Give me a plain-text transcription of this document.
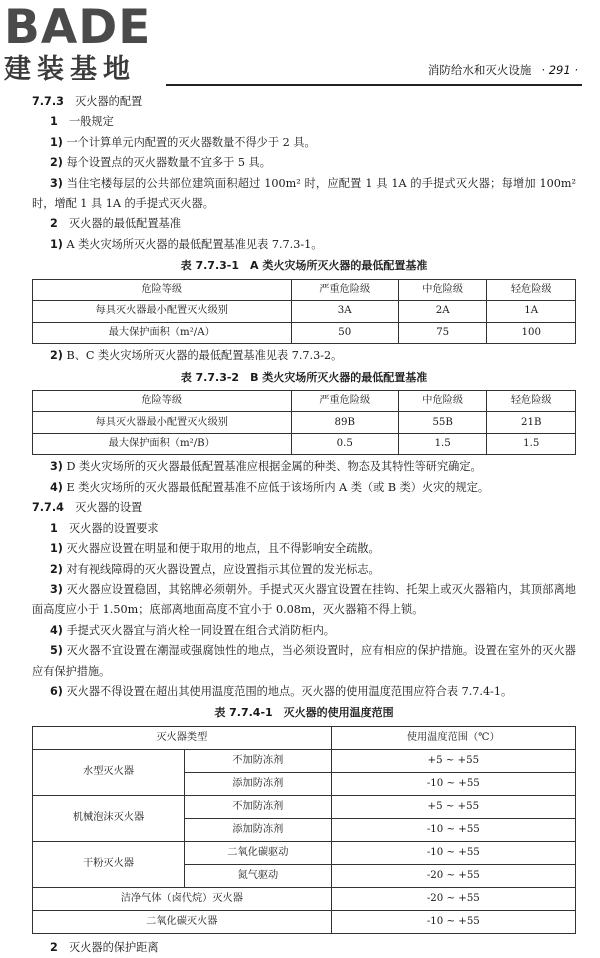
BADE
建装基地	消防给水和灭火设施 · 291 ·

7.7.3　 灭火器的配置

1　 一般规定

1) 一个计算单元内配置的灭火器数量不得少于 2 具。

2) 每个设置点的灭火器数量不宜多于 5 具。

3) 当住宅楼每层的公共部位建筑面积超过 100m² 时，应配置 1 具 1A 的手提式灭火器；每增加 100m² 时，增配 1 具 1A 的手提式灭火器。

2　 灭火器的最低配置基准

1) A 类火灾场所灭火器的最低配置基准见表 7.7.3-1。

表 7.7.3-1　A 类火灾场所灭火器的最低配置基准
危险等级	严重危险级	中危险级	轻危险级
每具灭火器最小配置灭火级别	3A	2A	1A
最大保护面积（m²/A）	50	75	100

2) B、C 类火灾场所灭火器的最低配置基准见表 7.7.3-2。

表 7.7.3-2　B 类火灾场所灭火器的最低配置基准
危险等级	严重危险级	中危险级	轻危险级
每具灭火器最小配置灭火级别	89B	55B	21B
最大保护面积（m²/B）	0.5	1.5	1.5

3) D 类火灾场所的灭火器最低配置基准应根据金属的种类、物态及其特性等研究确定。

4) E 类火灾场所的灭火器最低配置基准不应低于该场所内 A 类（或 B 类）火灾的规定。

7.7.4　 灭火器的设置

1　 灭火器的设置要求

1) 灭火器应设置在明显和便于取用的地点，且不得影响安全疏散。

2) 对有视线障碍的灭火器设置点，应设置指示其位置的发光标志。

3) 灭火器应设置稳固，其铭牌必须朝外。手提式灭火器宜设置在挂钩、托架上或灭火器箱内，其顶部离地面高度应小于 1.50m；底部离地面高度不宜小于 0.08m，灭火器箱不得上锁。

4) 手提式灭火器宜与消火栓一同设置在组合式消防柜内。

5) 灭火器不宜设置在潮湿或强腐蚀性的地点，当必须设置时，应有相应的保护措施。设置在室外的灭火器应有保护措施。

6) 灭火器不得设置在超出其使用温度范围的地点。灭火器的使用温度范围应符合表 7.7.4-1。

表 7.7.4-1　灭火器的使用温度范围
灭火器类型		使用温度范围（℃）
水型灭火器	不加防冻剂	+5 ~ +55
	添加防冻剂	-10 ~ +55
机械泡沫灭火器	不加防冻剂	+5 ~ +55
	添加防冻剂	-10 ~ +55
干粉灭火器	二氧化碳驱动	-10 ~ +55
	氮气驱动	-20 ~ +55
洁净气体（卤代烷）灭火器		-20 ~ +55
二氧化碳灭火器		-10 ~ +55

2　 灭火器的保护距离
